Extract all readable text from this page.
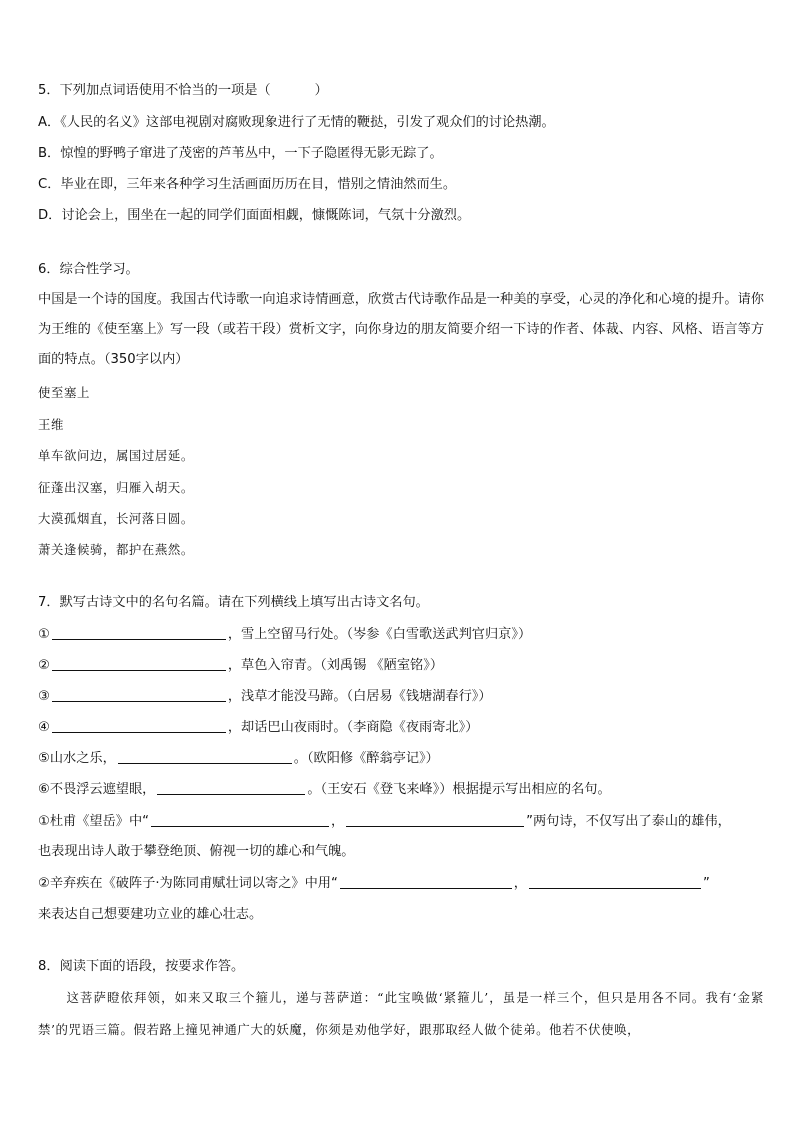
5．下列加点词语使用不恰当的一项是（	）
A．《人民的名义》这部电视剧对腐败现象进行了无情的鞭挞，引发了观众们的讨论热潮。
B．惊惶的野鸭子窜进了茂密的芦苇丛中，一下子隐匿得无影无踪了。
C．毕业在即，三年来各种学习生活画面历历在目，惜别之情油然而生。
D．讨论会上，围坐在一起的同学们面面相觑，慷慨陈词，气氛十分激烈。
6．综合性学习。
中国是一个诗的国度。我国古代诗歌一向追求诗情画意，欣赏古代诗歌作品是一种美的享受，心灵的净化和心境的提升。请你为王维的《使至塞上》写一段（或若干段）赏析文字，向你身边的朋友简要介绍一下诗的作者、体裁、内容、风格、语言等方面的特点。（350字以内）
使至塞上
王维
单车欲问边，属国过居延。
征蓬出汉塞，归雁入胡天。
大漠孤烟直，长河落日圆。
萧关逢候骑，都护在燕然。
7．默写古诗文中的名句名篇。请在下列横线上填写出古诗文名句。
①	，雪上空留马行处。（岑参《白雪歌送武判官归京》）
②	，草色入帘青。（刘禹锡 《陋室铭》）
③	，浅草才能没马蹄。（白居易《钱塘湖春行》）
④	，却话巴山夜雨时。（李商隐《夜雨寄北》）
⑤山水之乐，	。（欧阳修《醉翁亭记》）
⑥不畏浮云遮望眼，	。（王安石《登飞来峰》）根据提示写出相应的名句。
①杜甫《望岳》中“	，	”两句诗，不仅写出了泰山的雄伟，
也表现出诗人敢于攀登绝顶、俯视一切的雄心和气魄。
②辛弃疾在《破阵子·为陈同甫赋壮词以寄之》中用“	，	”
来表达自己想要建功立业的雄心壮志。
8．阅读下面的语段，按要求作答。
这菩萨瞪依拜领，如来又取三个箍儿，递与菩萨道：“此宝唤做‘紧箍儿’，虽是一样三个，但只是用各不同。我有‘金紧禁’的咒语三篇。假若路上撞见神通广大的妖魔，你须是劝他学好，跟那取经人做个徒弟。他若不伏使唤，
